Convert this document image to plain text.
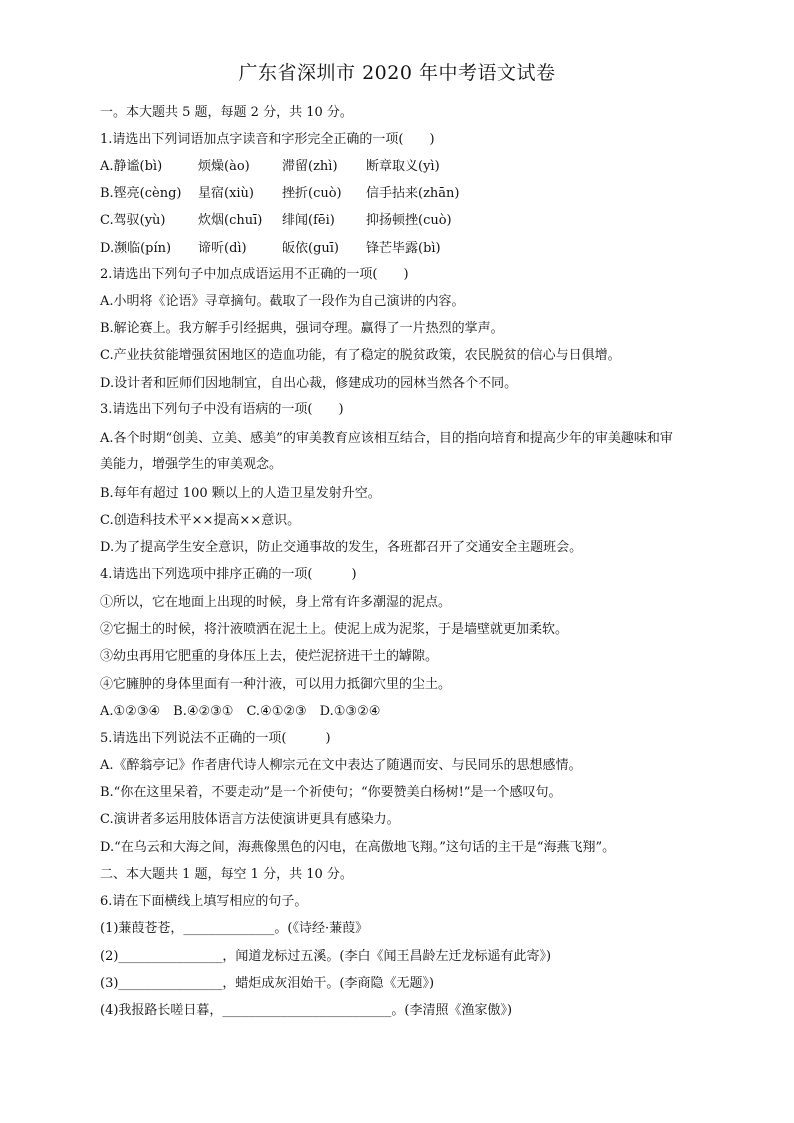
广东省深圳市 2020 年中考语文试卷
一。本大题共 5 题，每题 2 分，共 10 分。
1.请选出下列词语加点字读音和字形完全正确的一项(　　)
A.静谧(bì)	烦燥(ào) 滞留(zhì) 断章取义(yì)
B.铿亮(cèng) 星宿(xiù) 挫折(cuò) 信手拈来(zhān)
C.驾驭(yù)	炊烟(chuī) 绯闻(fēi) 抑扬顿挫(cuò)
D.濒临(pín) 谛听(dì)	皈依(guī) 锋芒毕露(bì)
2.请选出下列句子中加点成语运用不正确的一项(　　)
A.小明将《论语》寻章摘句。截取了一段作为自己演讲的内容。
B.解论赛上。我方解手引经据典，强词夺理。赢得了一片热烈的掌声。
C.产业扶贫能增强贫困地区的造血功能，有了稳定的脱贫政策，农民脱贫的信心与日俱增。
D.设计者和匠师们因地制宜，自出心裁，修建成功的园林当然各个不同。
3.请选出下列句子中没有语病的一项(　　)
A.各个时期“创美、立美、感美”的审美教育应该相互结合，目的指向培育和提高少年的审美趣味和审
美能力，增强学生的审美观念。
B.每年有超过 100 颗以上的人造卫星发射升空。
C.创造科技术平××提高××意识。
D.为了提高学生安全意识，防止交通事故的发生，各班都召开了交通安全主题班会。
4.请选出下列选项中排序正确的一项(　　　)
①所以，它在地面上出现的时候，身上常有许多潮湿的泥点。
②它掘土的时候，将汁液喷洒在泥土上。使泥上成为泥浆，于是墙壁就更加柔软。
③幼虫再用它肥重的身体压上去，使烂泥挤进干土的罅隙。
④它臃肿的身体里面有一种汁液，可以用力抵御穴里的尘土。
A.①②③④　B.④②③①　C.④①②③　D.①③②④
5.请选出下列说法不正确的一项(　　　)
A.《醉翁亭记》作者唐代诗人柳宗元在文中表达了随遇而安、与民同乐的思想感情。
B.“你在这里呆着，不要走动”是一个祈使句；“你要赞美白杨树!”是一个感叹句。
C.演讲者多运用肢体语言方法使演讲更具有感染力。
D.“在乌云和大海之间，海燕像黑色的闪电，在高傲地飞翔。”这句话的主干是“海燕飞翔”。
二、本大题共 1 题，每空 1 分，共 10 分。
6.请在下面横线上填写相应的句子。
(1)蒹葭苍苍，______________。(《诗经·蒹葭》
(2)________________，闻道龙标过五溪。(李白《闻王昌龄左迁龙标遥有此寄》)
(3)________________，蜡炬成灰泪始干。(李商隐《无题》)
(4)我报路长嗟日暮，__________________________。(李清照《渔家傲》)
